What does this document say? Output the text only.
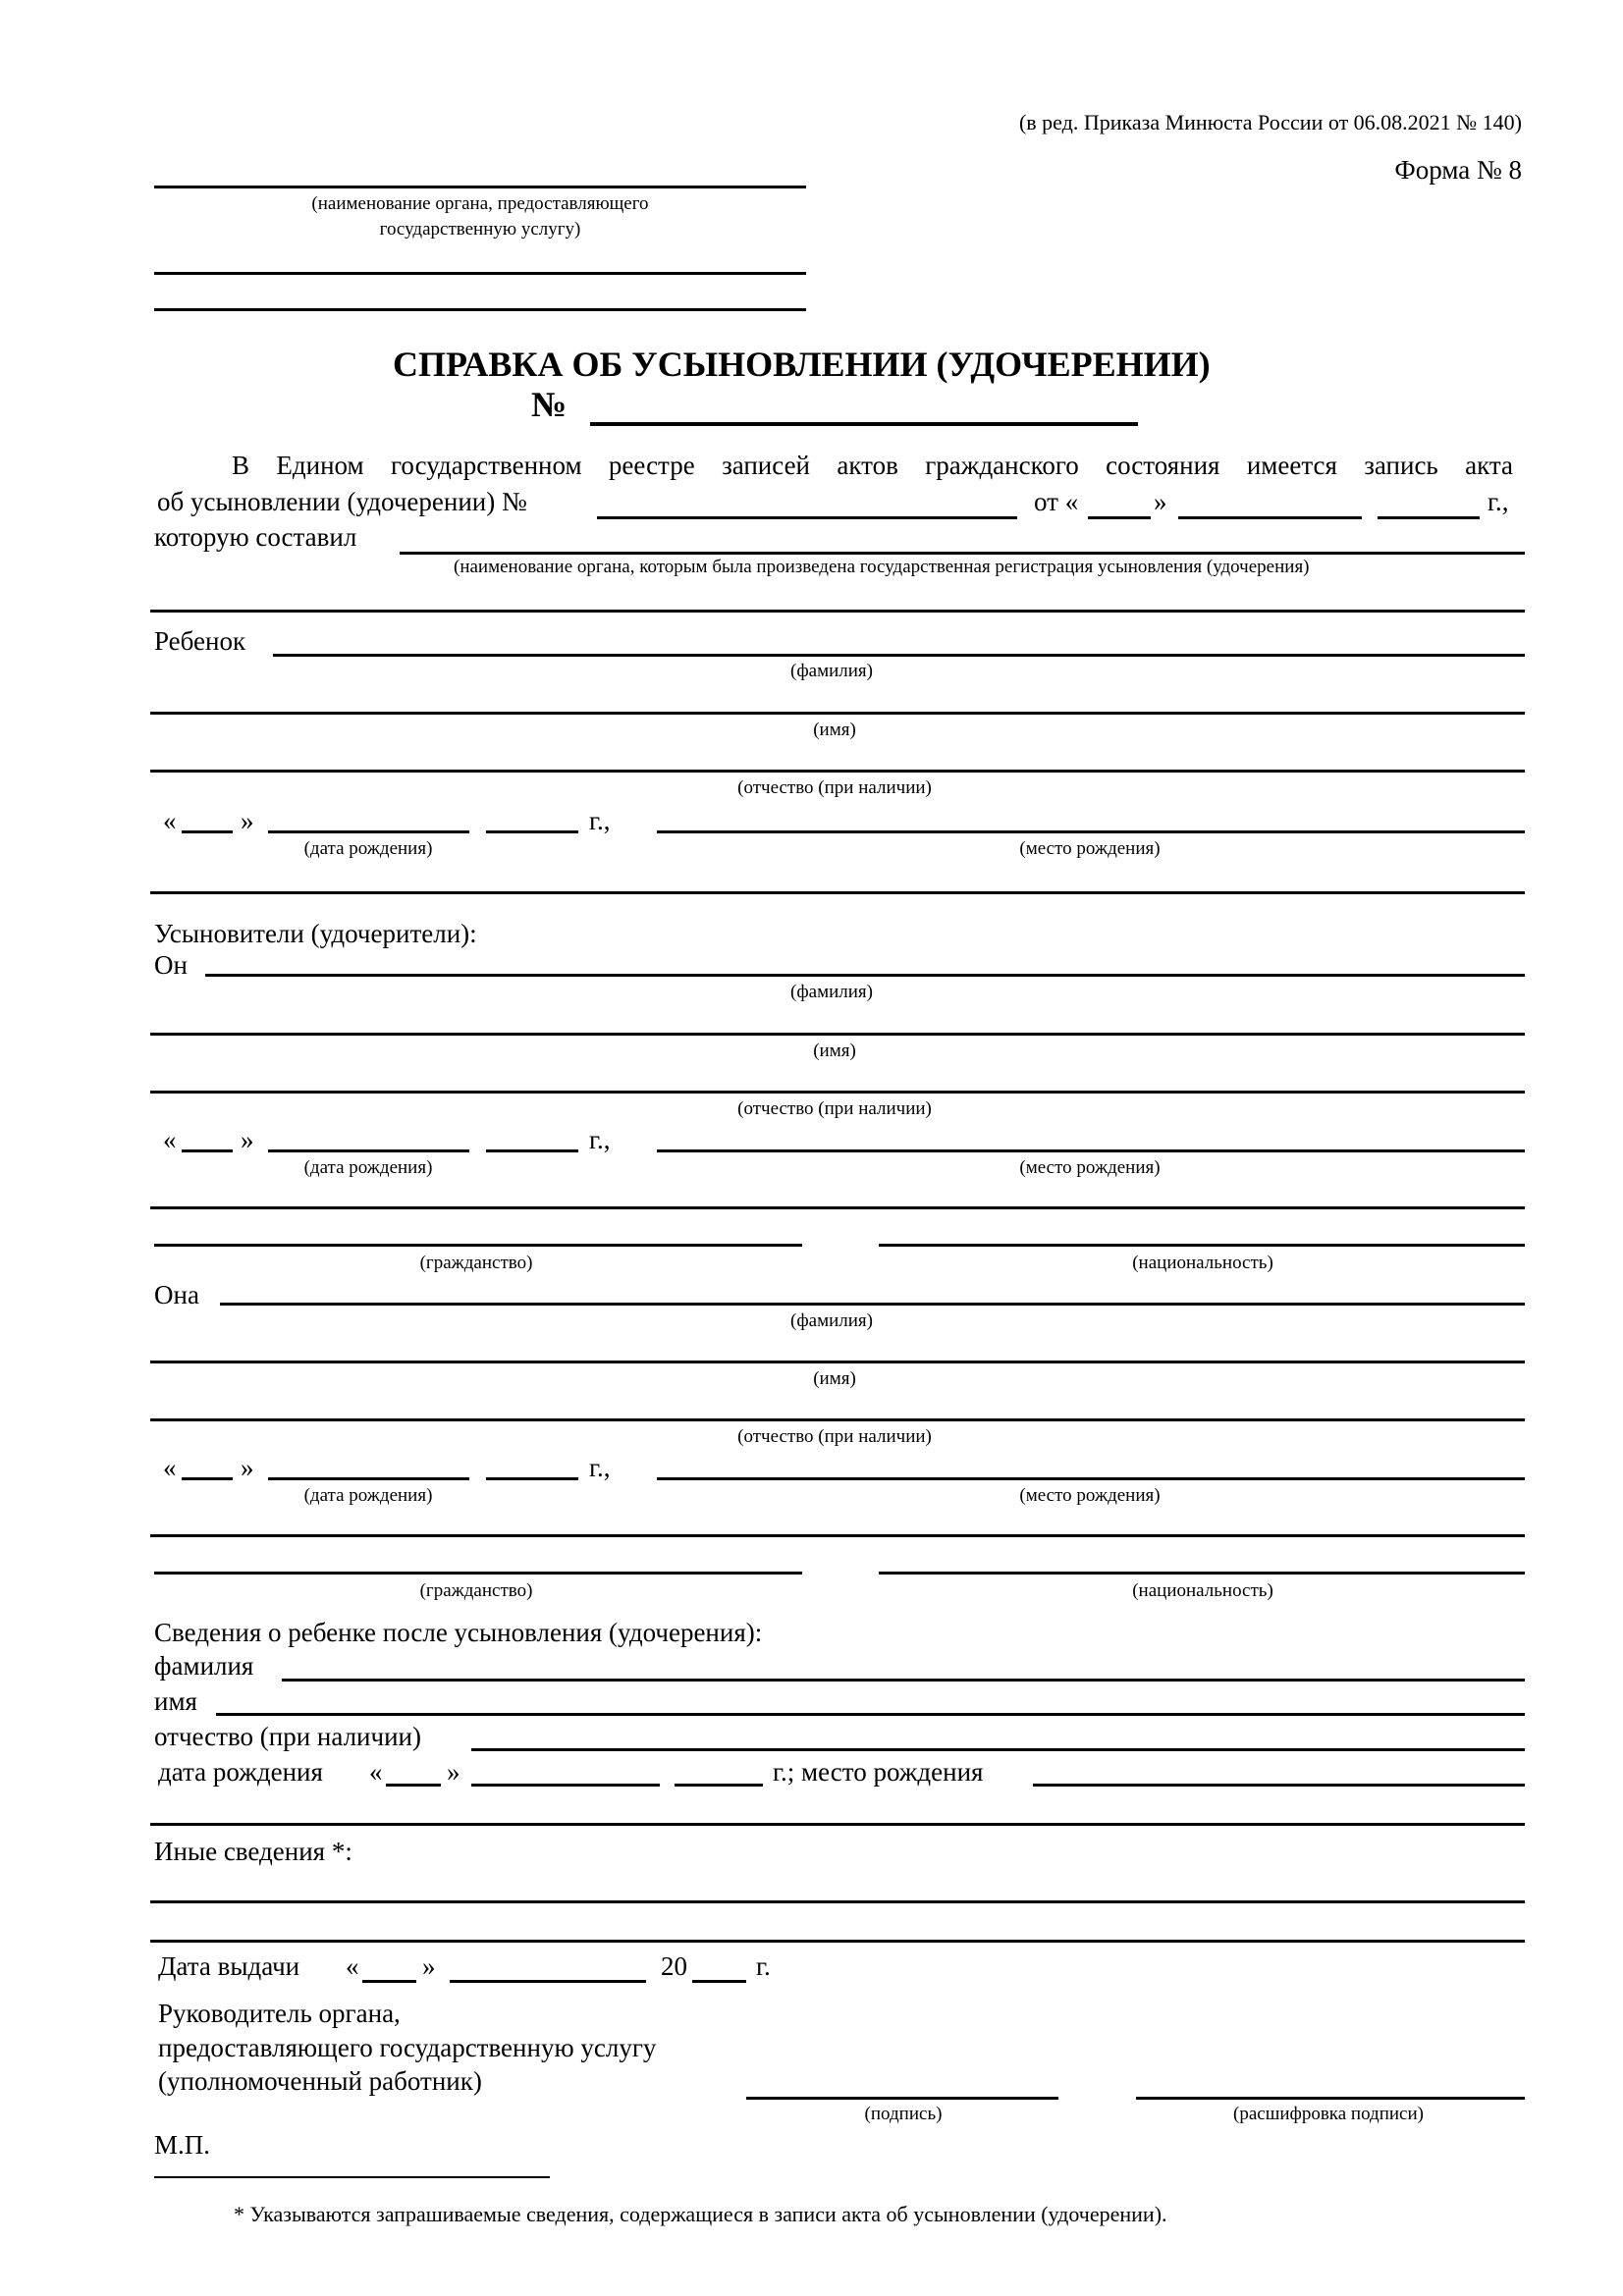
(в ред. Приказа Минюста России от 06.08.2021 № 140)
Форма № 8
(наименование органа, предоставляющего
государственную услугу)
СПРАВКА ОБ УСЫНОВЛЕНИИ (УДОЧЕРЕНИИ)
№
В Едином государственном реестре записей актов гражданского состояния имеется запись акта
об усыновлении (удочерении) №	от «	»	г.,
которую составил
(наименование органа, которым была произведена государственная регистрация усыновления (удочерения)
Ребенок
(фамилия)
(имя)
(отчество (при наличии)
« »	г.,
(дата рождения)	(место рождения)
Усыновители (удочерители):
Он
(фамилия)
(имя)
(отчество (при наличии)
« »	г.,
(дата рождения)	(место рождения)
(гражданство)	(национальность)
Она
(фамилия)
(имя)
(отчество (при наличии)
« »	г.,
(дата рождения)	(место рождения)
(гражданство)	(национальность)
Сведения о ребенке после усыновления (удочерения):
фамилия
имя
отчество (при наличии)
дата рождения « »	г.; место рождения
Иные сведения *:
Дата выдачи « »	20	г.
Руководитель органа,
предоставляющего государственную услугу
(уполномоченный работник)
(подпись)	(расшифровка подписи)
М.П.
* Указываются запрашиваемые сведения, содержащиеся в записи акта об усыновлении (удочерении).
